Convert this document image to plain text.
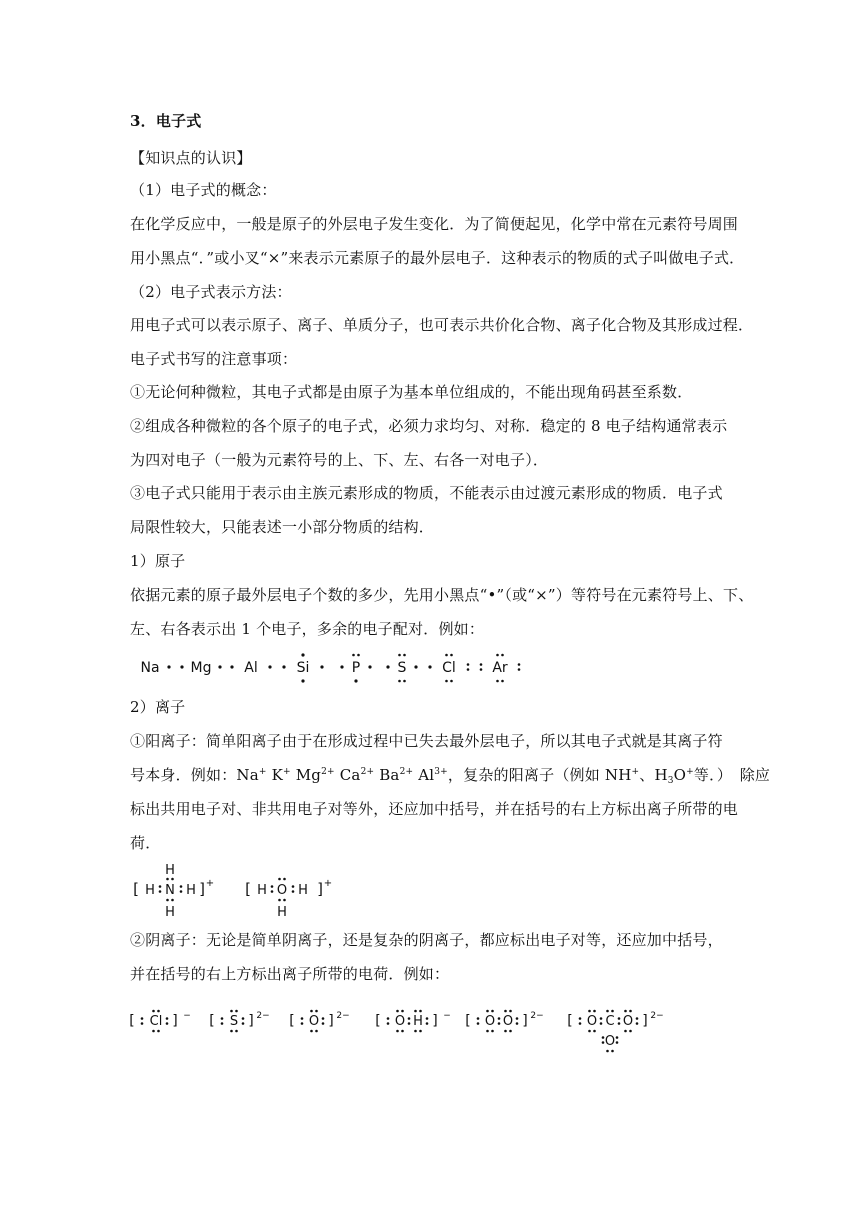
3．电子式
【知识点的认识】
（1）电子式的概念：
在化学反应中，一般是原子的外层电子发生变化．为了简便起见，化学中常在元素符号周围
用小黑点“．”或小叉“×”来表示元素原子的最外层电子．这种表示的物质的式子叫做电子式．
（2）电子式表示方法：
用电子式可以表示原子、离子、单质分子，也可表示共价化合物、离子化合物及其形成过程．
电子式书写的注意事项：
①无论何种微粒，其电子式都是由原子为基本单位组成的，不能出现角码甚至系数．
②组成各种微粒的各个原子的电子式，必须力求均匀、对称．稳定的 8 电子结构通常表示
为四对电子（一般为元素符号的上、下、左、右各一对电子）．
③电子式只能用于表示由主族元素形成的物质，不能表示由过渡元素形成的物质．电子式
局限性较大，只能表述一小部分物质的结构．
1）原子
依据元素的原子最外层电子个数的多少，先用小黑点“•”（或“×”）等符号在元素符号上、下、
左、右各表示出 1 个电子，多余的电子配对．例如：
Na Mg Al	Si	P	S	Cl	Ar
2）离子
①阳离子：简单阳离子由于在形成过程中已失去最外层电子，所以其电子式就是其离子符
号本身．例如：Na+ K+ $Mg^{2+}$ $Ca^{2+}$ $Ba^{2+}$ $Al^{3+}$，复杂的阳离子（例如 NH+、$H_3O^+$等．）　除应
标出共用电子对、非共用电子对等外，还应加中括号，并在括号的右上方标出离子所带的电
荷．
[ H N H
H
H
] + [ H O H
H
] +
②阴离子：无论是简单阴离子，还是复杂的阴离子，都应标出电子对等，还应加中括号，
并在括号的右上方标出离子所带的电荷．例如：
[ Cl ] − [ S ] 2− [ O ] 2− [ O H ] − [ O O ] 2− [ O C O
O
] 2−
